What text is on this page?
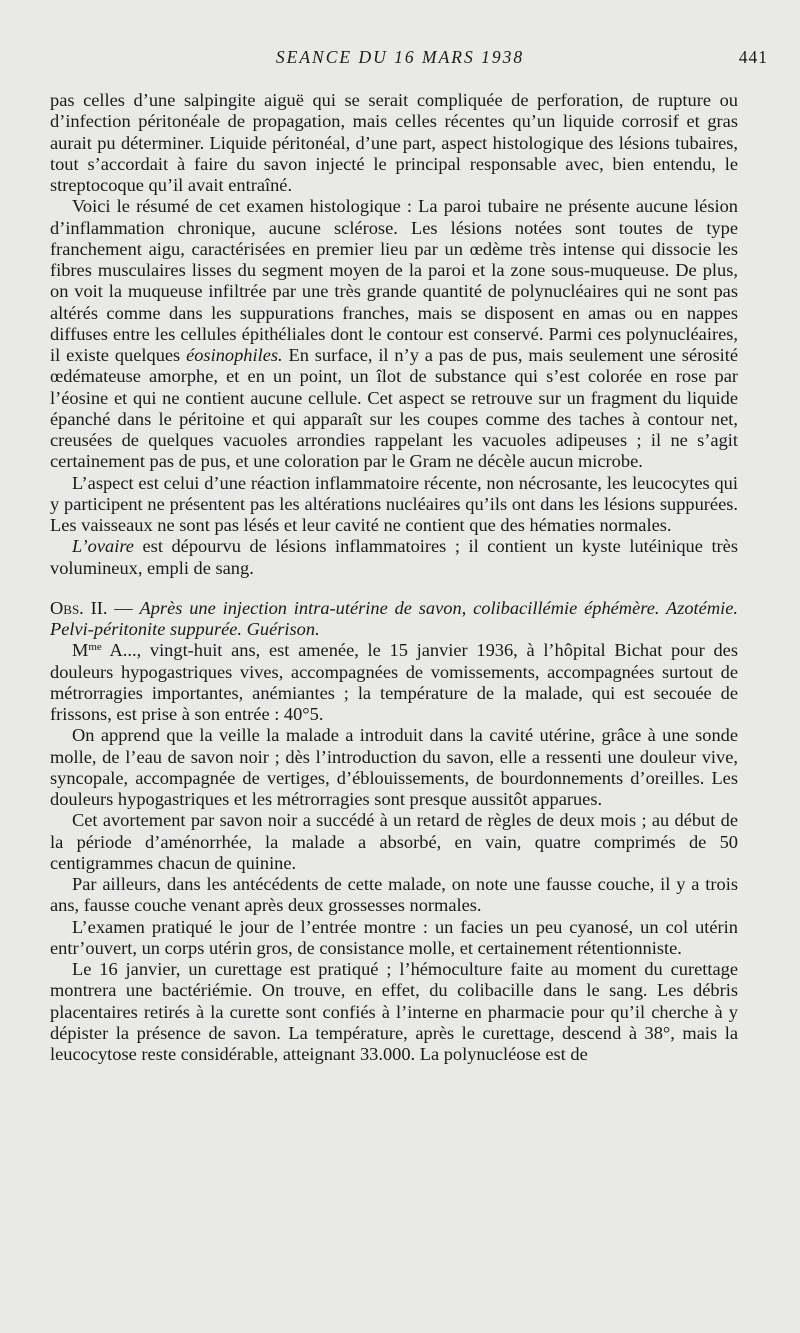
SEANCE DU 16 MARS 1938	441

pas celles d’une salpingite aiguë qui se serait compliquée de perforation, de rupture ou d’infection péritonéale de propagation, mais celles récentes qu’un liquide corrosif et gras aurait pu déterminer. Liquide péritonéal, d’une part, aspect histologique des lésions tubaires, tout s’accordait à faire du savon injecté le principal responsable avec, bien entendu, le streptocoque qu’il avait entraîné.

Voici le résumé de cet examen histologique : La paroi tubaire ne présente aucune lésion d’inflammation chronique, aucune sclérose. Les lésions notées sont toutes de type franchement aigu, caractérisées en premier lieu par un œdème très intense qui dissocie les fibres musculaires lisses du segment moyen de la paroi et la zone sous-muqueuse. De plus, on voit la muqueuse infiltrée par une très grande quantité de polynucléaires qui ne sont pas altérés comme dans les suppurations franches, mais se disposent en amas ou en nappes diffuses entre les cellules épithéliales dont le contour est conservé. Parmi ces polynucléaires, il existe quelques éosinophiles. En surface, il n’y a pas de pus, mais seulement une sérosité œdémateuse amorphe, et en un point, un îlot de substance qui s’est colorée en rose par l’éosine et qui ne contient aucune cellule. Cet aspect se retrouve sur un fragment du liquide épanché dans le péritoine et qui apparaît sur les coupes comme des taches à contour net, creusées de quelques vacuoles arrondies rappelant les vacuoles adipeuses ; il ne s’agit certainement pas de pus, et une coloration par le Gram ne décèle aucun microbe.

L’aspect est celui d’une réaction inflammatoire récente, non nécrosante, les leucocytes qui y participent ne présentent pas les altérations nucléaires qu’ils ont dans les lésions suppurées. Les vaisseaux ne sont pas lésés et leur cavité ne contient que des hématies normales.

L’ovaire est dépourvu de lésions inflammatoires ; il contient un kyste lutéinique très volumineux, empli de sang.

Obs. II. — Après une injection intra-utérine de savon, colibacillémie éphémère. Azotémie. Pelvi-péritonite suppurée. Guérison.

$M^{me}$ A..., vingt-huit ans, est amenée, le 15 janvier 1936, à l’hôpital Bichat pour des douleurs hypogastriques vives, accompagnées de vomissements, accompagnées surtout de métrorragies importantes, anémiantes ; la température de la malade, qui est secouée de frissons, est prise à son entrée : 40°5.

On apprend que la veille la malade a introduit dans la cavité utérine, grâce à une sonde molle, de l’eau de savon noir ; dès l’introduction du savon, elle a ressenti une douleur vive, syncopale, accompagnée de vertiges, d’éblouissements, de bourdonnements d’oreilles. Les douleurs hypogastriques et les métrorragies sont presque aussitôt apparues.

Cet avortement par savon noir a succédé à un retard de règles de deux mois ; au début de la période d’aménorrhée, la malade a absorbé, en vain, quatre comprimés de 50 centigrammes chacun de quinine.

Par ailleurs, dans les antécédents de cette malade, on note une fausse couche, il y a trois ans, fausse couche venant après deux grossesses normales.

L’examen pratiqué le jour de l’entrée montre : un facies un peu cyanosé, un col utérin entr’ouvert, un corps utérin gros, de consistance molle, et certainement rétentionniste.

Le 16 janvier, un curettage est pratiqué ; l’hémoculture faite au moment du curettage montrera une bactériémie. On trouve, en effet, du colibacille dans le sang. Les débris placentaires retirés à la curette sont confiés à l’interne en pharmacie pour qu’il cherche à y dépister la présence de savon. La température, après le curettage, descend à 38°, mais la leucocytose reste considérable, atteignant 33.000. La polynucléose est de
